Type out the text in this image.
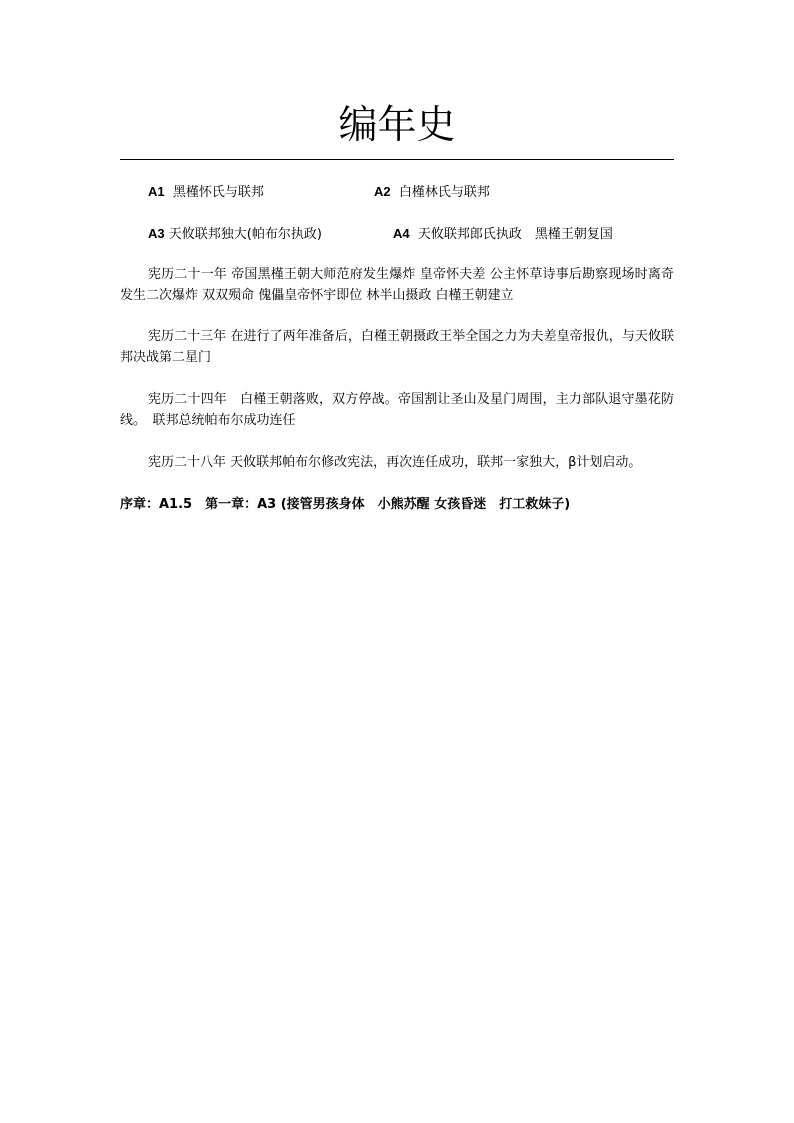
编年史
A1 黑槿怀氏与联邦	A2 白槿林氏与联邦
A3 天攸联邦独大(帕布尔执政)	A4 天攸联邦郎氏执政　黑槿王朝复国

宪历二十一年 帝国黑槿王朝大师范府发生爆炸 皇帝怀夫差 公主怀草诗事后勘察现场时离奇发生二次爆炸 双双殒命 傀儡皇帝怀宇即位 林半山摄政 白槿王朝建立

宪历二十三年 在进行了两年准备后，白槿王朝摄政王举全国之力为夫差皇帝报仇，与天攸联邦决战第二星门

宪历二十四年　白槿王朝落败，双方停战。帝国割让圣山及星门周围，主力部队退守墨花防线。　联邦总统帕布尔成功连任

宪历二十八年 天攸联邦帕布尔修改宪法，再次连任成功，联邦一家独大，β计划启动。

序章：A1.5　第一章：A3 (接管男孩身体　小熊苏醒 女孩昏迷　打工救妹子)
